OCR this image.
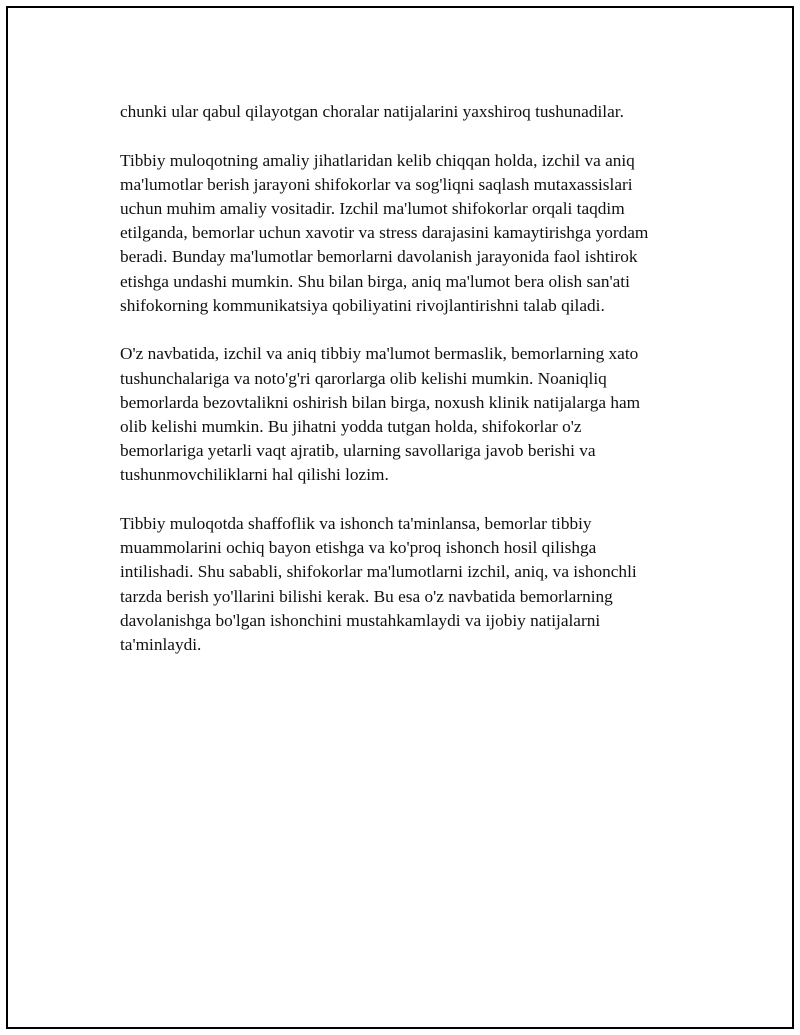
chunki ular qabul qilayotgan choralar natijalarini yaxshiroq tushunadilar.

Tibbiy muloqotning amaliy jihatlaridan kelib chiqqan holda, izchil va aniq
ma'lumotlar berish jarayoni shifokorlar va sog'liqni saqlash mutaxassislari
uchun muhim amaliy vositadir. Izchil ma'lumot shifokorlar orqali taqdim
etilganda, bemorlar uchun xavotir va stress darajasini kamaytirishga yordam
beradi. Bunday ma'lumotlar bemorlarni davolanish jarayonida faol ishtirok
etishga undashi mumkin. Shu bilan birga, aniq ma'lumot bera olish san'ati
shifokorning kommunikatsiya qobiliyatini rivojlantirishni talab qiladi.

O'z navbatida, izchil va aniq tibbiy ma'lumot bermaslik, bemorlarning xato
tushunchalariga va noto'g'ri qarorlarga olib kelishi mumkin. Noaniqliq
bemorlarda bezovtalikni oshirish bilan birga, noxush klinik natijalarga ham
olib kelishi mumkin. Bu jihatni yodda tutgan holda, shifokorlar o'z
bemorlariga yetarli vaqt ajratib, ularning savollariga javob berishi va
tushunmovchiliklarni hal qilishi lozim.

Tibbiy muloqotda shaffoflik va ishonch ta'minlansa, bemorlar tibbiy
muammolarini ochiq bayon etishga va ko'proq ishonch hosil qilishga
intilishadi. Shu sababli, shifokorlar ma'lumotlarni izchil, aniq, va ishonchli
tarzda berish yo'llarini bilishi kerak. Bu esa o'z navbatida bemorlarning
davolanishga bo'lgan ishonchini mustahkamlaydi va ijobiy natijalarni
ta'minlaydi.
